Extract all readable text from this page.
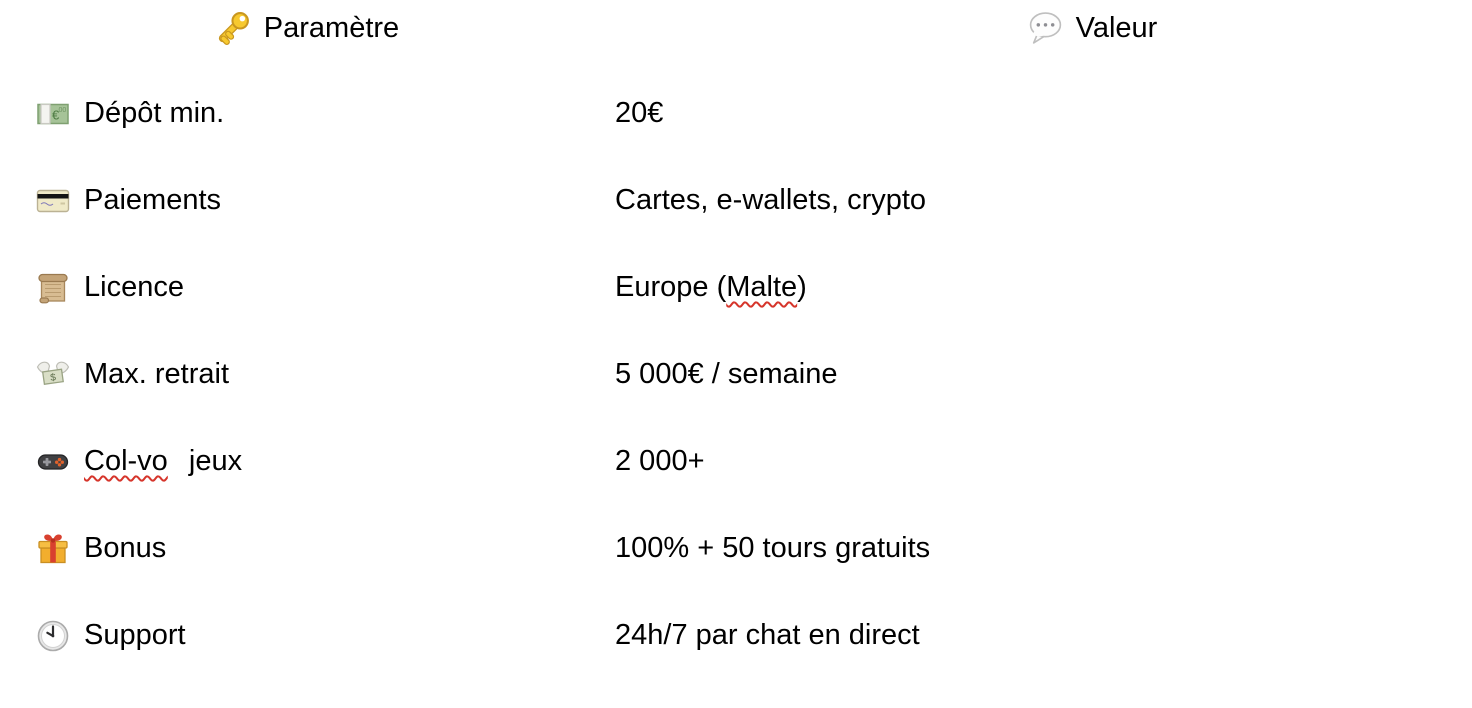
Paramètre	Valeur
Dépôt min.	20€
Paiements	Cartes, e-wallets, crypto
Licence	Europe ( Malte )
Max. retrait	5 000€ / semaine
Col-vo jeux	2 000+
Bonus	100% + 50 tours gratuits
Support	24h/7 par chat en direct
